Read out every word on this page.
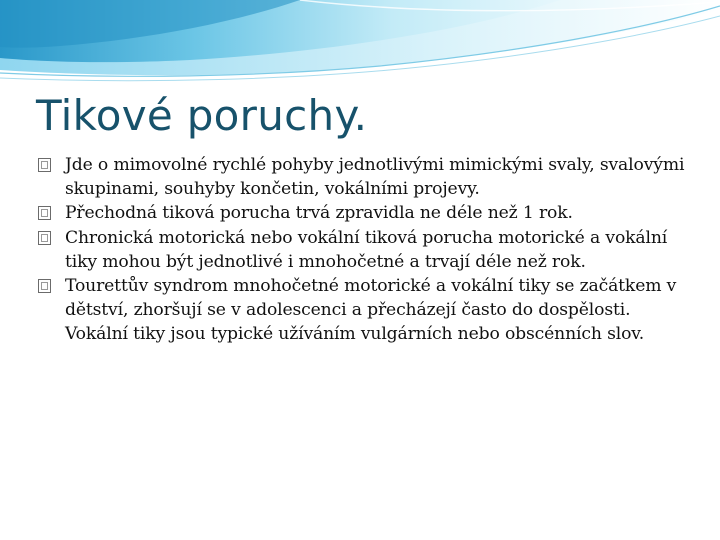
Tikové poruchy.
Jde o mimovolné rychlé pohyby jednotlivými mimickými svaly, svalovými skupinami, souhyby končetin, vokálními projevy.
Přechodná tiková porucha trvá zpravidla ne déle než 1 rok.
Chronická motorická nebo vokální tiková porucha motorické a vokální tiky mohou být jednotlivé i mnohočetné a trvají déle než rok.
Tourettův syndrom mnohočetné motorické a vokální tiky se začátkem v dětství, zhoršují se v adolescenci a přecházejí často do dospělosti. Vokální tiky jsou typické užíváním vulgárních nebo obscénních slov.
